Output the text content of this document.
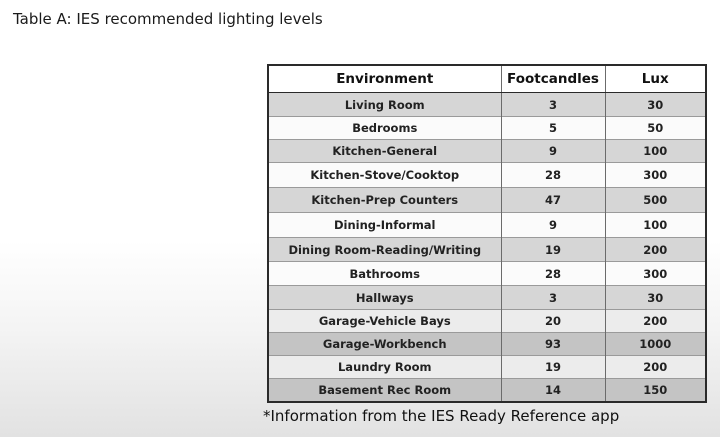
Table A: IES recommended lighting levels
Environment	Footcandles	Lux
Living Room	3	30
Bedrooms	5	50
Kitchen-General	9	100
Kitchen-Stove/Cooktop	28	300
Kitchen-Prep Counters	47	500
Dining-Informal	9	100
Dining Room-Reading/Writing	19	200
Bathrooms	28	300
Hallways	3	30
Garage-Vehicle Bays	20	200
Garage-Workbench	93	1000
Laundry Room	19	200
Basement Rec Room	14	150
*Information from the IES Ready Reference app
